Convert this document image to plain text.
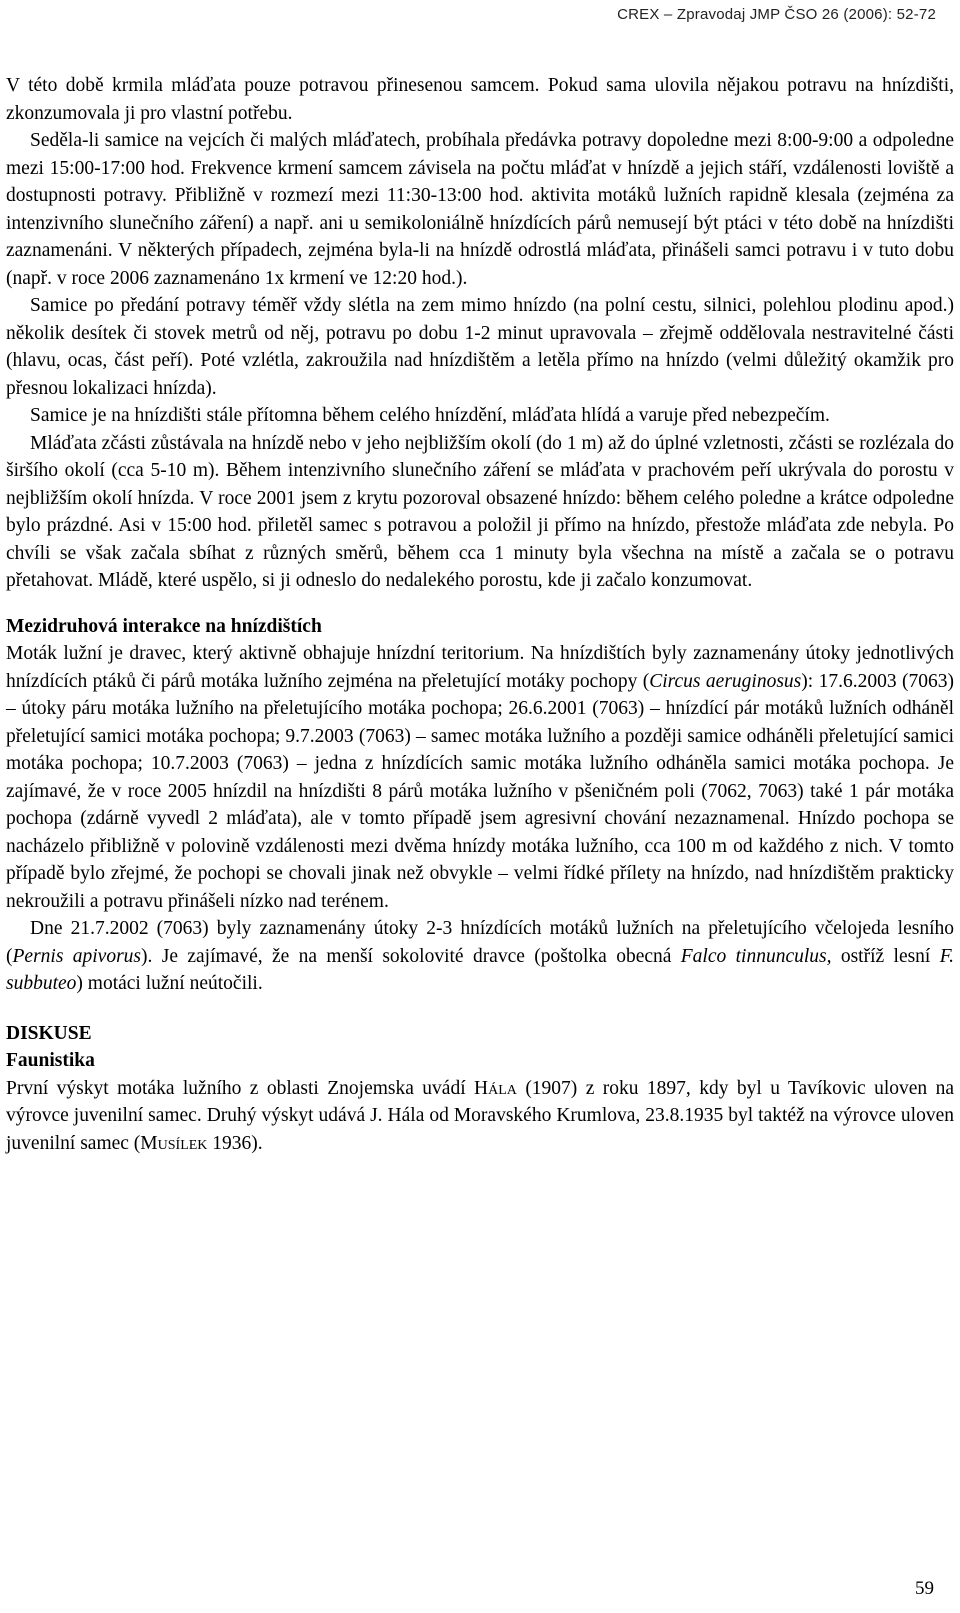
CREX – Zpravodaj JMP ČSO 26 (2006): 52-72

V této době krmila mláďata pouze potravou přinesenou samcem. Pokud sama ulovila nějakou potravu na hnízdišti, zkonzumovala ji pro vlastní potřebu.

Seděla-li samice na vejcích či malých mláďatech, probíhala předávka potravy dopoledne mezi 8:00-9:00 a odpoledne mezi 15:00-17:00 hod. Frekvence krmení samcem závisela na počtu mláďat v hnízdě a jejich stáří, vzdálenosti loviště a dostupnosti potravy. Přibližně v rozmezí mezi 11:30-13:00 hod. aktivita motáků lužních rapidně klesala (zejména za intenzivního slunečního záření) a např. ani u semikoloniálně hnízdících párů nemusejí být ptáci v této době na hnízdišti zaznamenáni. V některých případech, zejména byla-li na hnízdě odrostlá mláďata, přinášeli samci potravu i v tuto dobu (např. v roce 2006 zaznamenáno 1x krmení ve 12:20 hod.).

Samice po předání potravy téměř vždy slétla na zem mimo hnízdo (na polní cestu, silnici, polehlou plodinu apod.) několik desítek či stovek metrů od něj, potravu po dobu 1-2 minut upravovala – zřejmě oddělovala nestravitelné části (hlavu, ocas, část peří). Poté vzlétla, zakroužila nad hnízdištěm a letěla přímo na hnízdo (velmi důležitý okamžik pro přesnou lokalizaci hnízda).

Samice je na hnízdišti stále přítomna během celého hnízdění, mláďata hlídá a varuje před nebezpečím.

Mláďata zčásti zůstávala na hnízdě nebo v jeho nejbližším okolí (do 1 m) až do úplné vzletnosti, zčásti se rozlézala do širšího okolí (cca 5-10 m). Během intenzivního slunečního záření se mláďata v prachovém peří ukrývala do porostu v nejbližším okolí hnízda. V roce 2001 jsem z krytu pozoroval obsazené hnízdo: během celého poledne a krátce odpoledne bylo prázdné. Asi v 15:00 hod. přiletěl samec s potravou a položil ji přímo na hnízdo, přestože mláďata zde nebyla. Po chvíli se však začala sbíhat z různých směrů, během cca 1 minuty byla všechna na místě a začala se o potravu přetahovat. Mládě, které uspělo, si ji odneslo do nedalekého porostu, kde ji začalo konzumovat.

Mezidruhová interakce na hnízdištích

Moták lužní je dravec, který aktivně obhajuje hnízdní teritorium. Na hnízdištích byly zaznamenány útoky jednotlivých hnízdících ptáků či párů motáka lužního zejména na přeletující motáky pochopy (Circus aeruginosus): 17.6.2003 (7063) – útoky páru motáka lužního na přeletujícího motáka pochopa; 26.6.2001 (7063) – hnízdící pár motáků lužních odháněl přeletující samici motáka pochopa; 9.7.2003 (7063) – samec motáka lužního a později samice odháněli přeletující samici motáka pochopa; 10.7.2003 (7063) – jedna z hnízdících samic motáka lužního odháněla samici motáka pochopa. Je zajímavé, že v roce 2005 hnízdil na hnízdišti 8 párů motáka lužního v pšeničném poli (7062, 7063) také 1 pár motáka pochopa (zdárně vyvedl 2 mláďata), ale v tomto případě jsem agresivní chování nezaznamenal. Hnízdo pochopa se nacházelo přibližně v polovině vzdálenosti mezi dvěma hnízdy motáka lužního, cca 100 m od každého z nich. V tomto případě bylo zřejmé, že pochopi se chovali jinak než obvykle – velmi řídké přílety na hnízdo, nad hnízdištěm prakticky nekroužili a potravu přinášeli nízko nad terénem.

Dne 21.7.2002 (7063) byly zaznamenány útoky 2-3 hnízdících motáků lužních na přeletujícího včelojeda lesního (Pernis apivorus). Je zajímavé, že na menší sokolovité dravce (poštolka obecná Falco tinnunculus, ostříž lesní F. subbuteo) motáci lužní neútočili.

DISKUSE
Faunistika

První výskyt motáka lužního z oblasti Znojemska uvádí Hála (1907) z roku 1897, kdy byl u Tavíkovic uloven na výrovce juvenilní samec. Druhý výskyt udává J. Hála od Moravského Krumlova, 23.8.1935 byl taktéž na výrovce uloven juvenilní samec (Musílek 1936).

59
